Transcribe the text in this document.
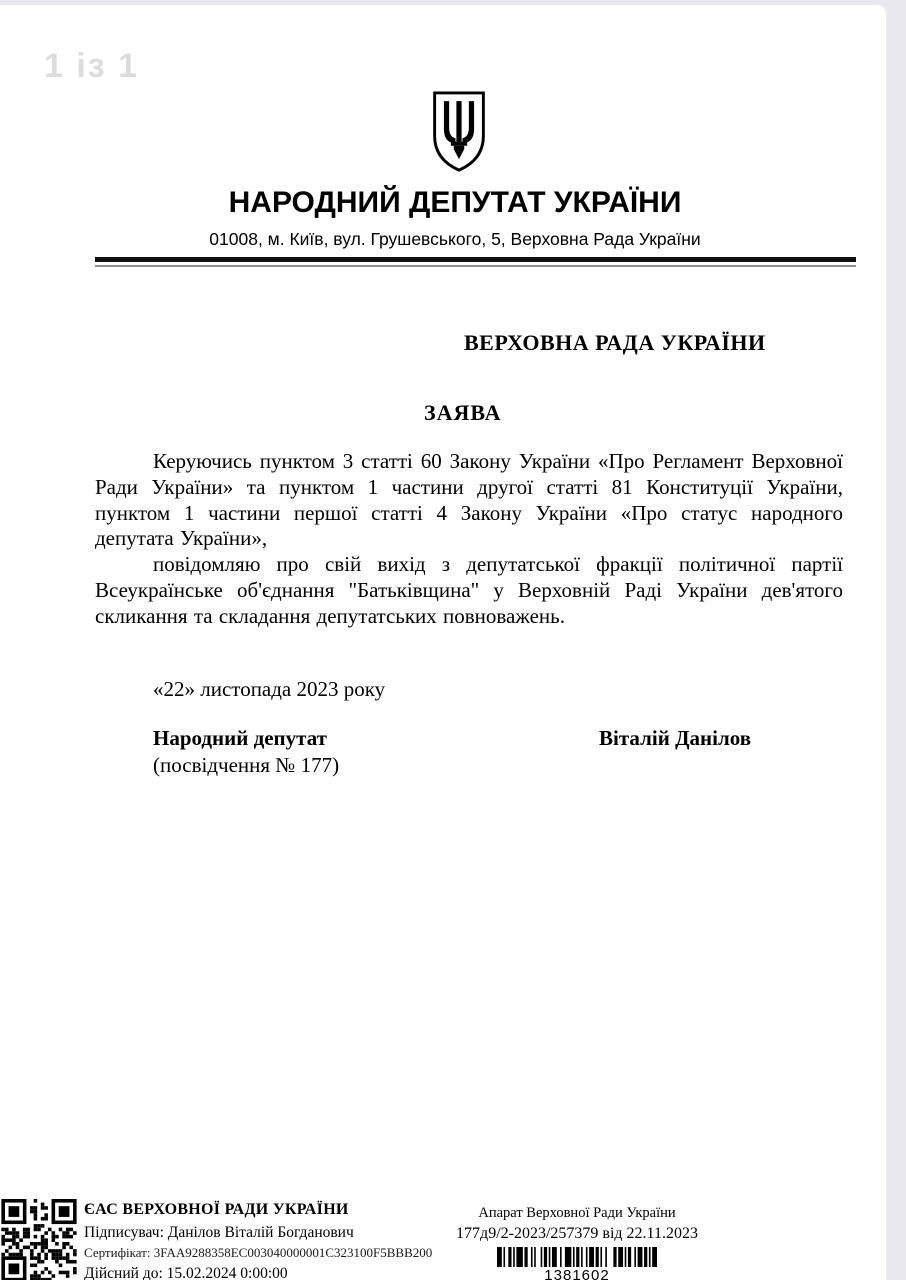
1 із 1
НАРОДНИЙ ДЕПУТАТ УКРАЇНИ
01008, м. Київ, вул. Грушевського, 5, Верховна Рада України
ВЕРХОВНА РАДА УКРАЇНИ
ЗАЯВА

Керуючись пунктом 3 статті 60 Закону України «Про Регламент Верховної Ради України» та пунктом 1 частини другої статті 81 Конституції України, пунктом 1 частини першої статті 4 Закону України «Про статус народного депутата України»,

повідомляю про свій вихід з депутатської фракції політичної партії Всеукраїнське об'єднання "Батьківщина" у Верховній Раді України дев'ятого скликання та складання депутатських повноважень.

«22» листопада 2023 року
Народний депутат	Віталій Данілов
(посвідчення № 177)
ЄАС ВЕРХОВНОЇ РАДИ УКРАЇНИ
Підписувач: Данілов Віталій Богданович
Сертифікат: 3FAA9288358EC003040000001C323100F5BBB200
Дійсний до: 15.02.2024 0:00:00
Апарат Верховної Ради України
177д9/2-2023/257379 від 22.11.2023
1381602
